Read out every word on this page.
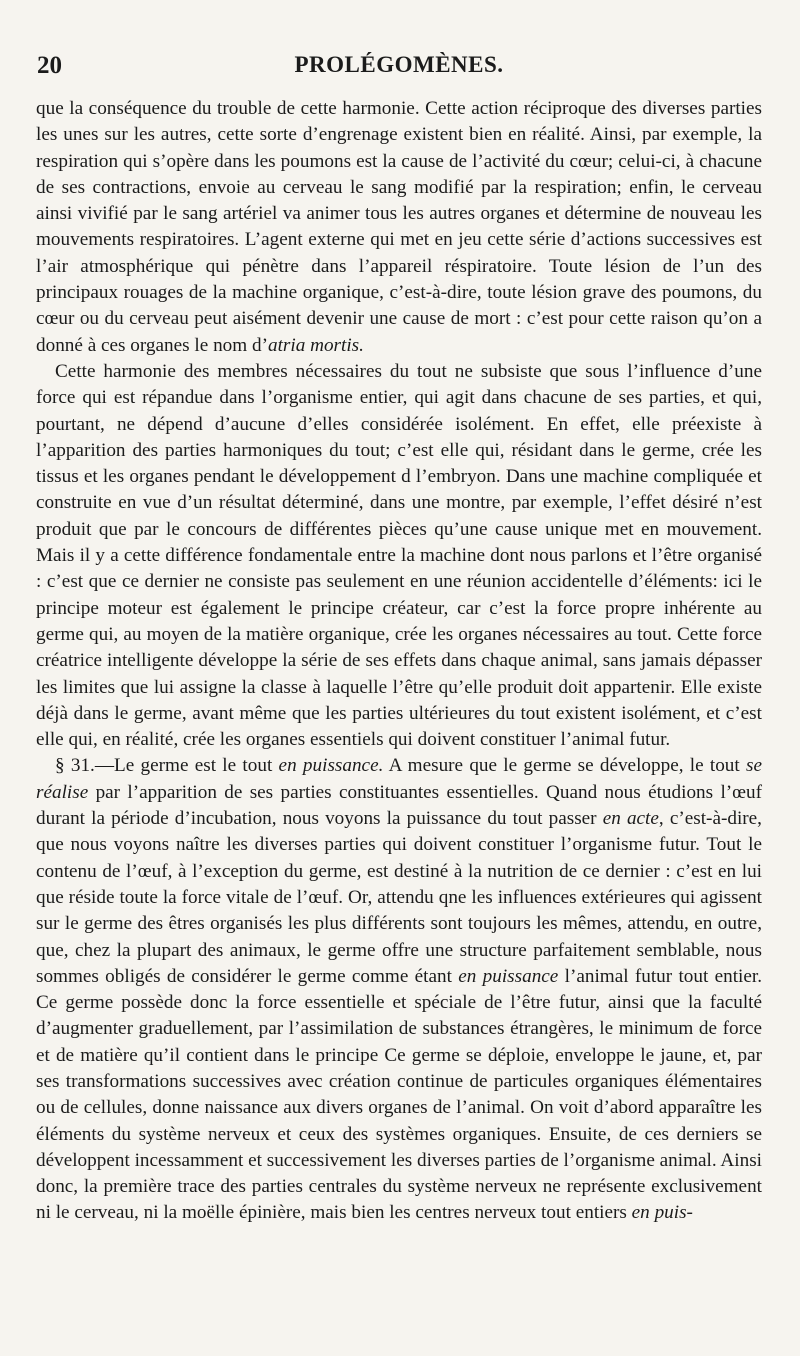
20	PROLÉGOMÈNES.

que la conséquence du trouble de cette harmonie. Cette action réciproque des diverses parties les unes sur les autres, cette sorte d’engrenage existent bien en réalité. Ainsi, par exemple, la respiration qui s’opère dans les poumons est la cause de l’activité du cœur; celui-ci, à chacune de ses contractions, envoie au cerveau le sang modifié par la respiration; enfin, le cerveau ainsi vivifié par le sang artériel va animer tous les autres organes et détermine de nouveau les mouvements respiratoires. L’agent externe qui met en jeu cette série d’actions successives est l’air atmosphérique qui pénètre dans l’appareil réspiratoire. Toute lésion de l’un des principaux rouages de la machine organique, c’est-à-dire, toute lésion grave des poumons, du cœur ou du cerveau peut aisément devenir une cause de mort : c’est pour cette raison qu’on a donné à ces organes le nom d’atria mortis.

Cette harmonie des membres nécessaires du tout ne subsiste que sous l’influence d’une force qui est répandue dans l’organisme entier, qui agit dans chacune de ses parties, et qui, pourtant, ne dépend d’aucune d’elles considérée isolément. En effet, elle préexiste à l’apparition des parties harmoniques du tout; c’est elle qui, résidant dans le germe, crée les tissus et les organes pendant le développement d l’embryon. Dans une machine compliquée et construite en vue d’un résultat déterminé, dans une montre, par exemple, l’effet désiré n’est produit que par le concours de différentes pièces qu’une cause unique met en mouvement. Mais il y a cette différence fondamentale entre la machine dont nous parlons et l’être organisé : c’est que ce dernier ne consiste pas seulement en une réunion accidentelle d’éléments: ici le principe moteur est également le principe créateur, car c’est la force propre inhérente au germe qui, au moyen de la matière organique, crée les organes nécessaires au tout. Cette force créatrice intelligente développe la série de ses effets dans chaque animal, sans jamais dépasser les limites que lui assigne la classe à laquelle l’être qu’elle produit doit appartenir. Elle existe déjà dans le germe, avant même que les parties ultérieures du tout existent isolément, et c’est elle qui, en réalité, crée les organes essentiels qui doivent constituer l’animal futur.

§ 31.—Le germe est le tout en puissance. A mesure que le germe se développe, le tout se réalise par l’apparition de ses parties constituantes essentielles. Quand nous étudions l’œuf durant la période d’incubation, nous voyons la puissance du tout passer en acte, c’est-à-dire, que nous voyons naître les diverses parties qui doivent constituer l’organisme futur. Tout le contenu de l’œuf, à l’exception du germe, est destiné à la nutrition de ce dernier : c’est en lui que réside toute la force vitale de l’œuf. Or, attendu qne les influences extérieures qui agissent sur le germe des êtres organisés les plus différents sont toujours les mêmes, attendu, en outre, que, chez la plupart des animaux, le germe offre une structure parfaitement semblable, nous sommes obligés de considérer le germe comme étant en puissance l’animal futur tout entier. Ce germe possède donc la force essentielle et spéciale de l’être futur, ainsi que la faculté d’augmenter graduellement, par l’assimilation de substances étrangères, le minimum de force et de matière qu’il contient dans le principe Ce germe se déploie, enveloppe le jaune, et, par ses transformations successives avec création continue de particules organiques élémentaires ou de cellules, donne naissance aux divers organes de l’animal. On voit d’abord apparaître les éléments du système nerveux et ceux des systèmes organiques. Ensuite, de ces derniers se développent incessamment et successivement les diverses parties de l’organisme animal. Ainsi donc, la première trace des parties centrales du système nerveux ne représente exclusivement ni le cerveau, ni la moëlle épinière, mais bien les centres nerveux tout entiers en puis-
